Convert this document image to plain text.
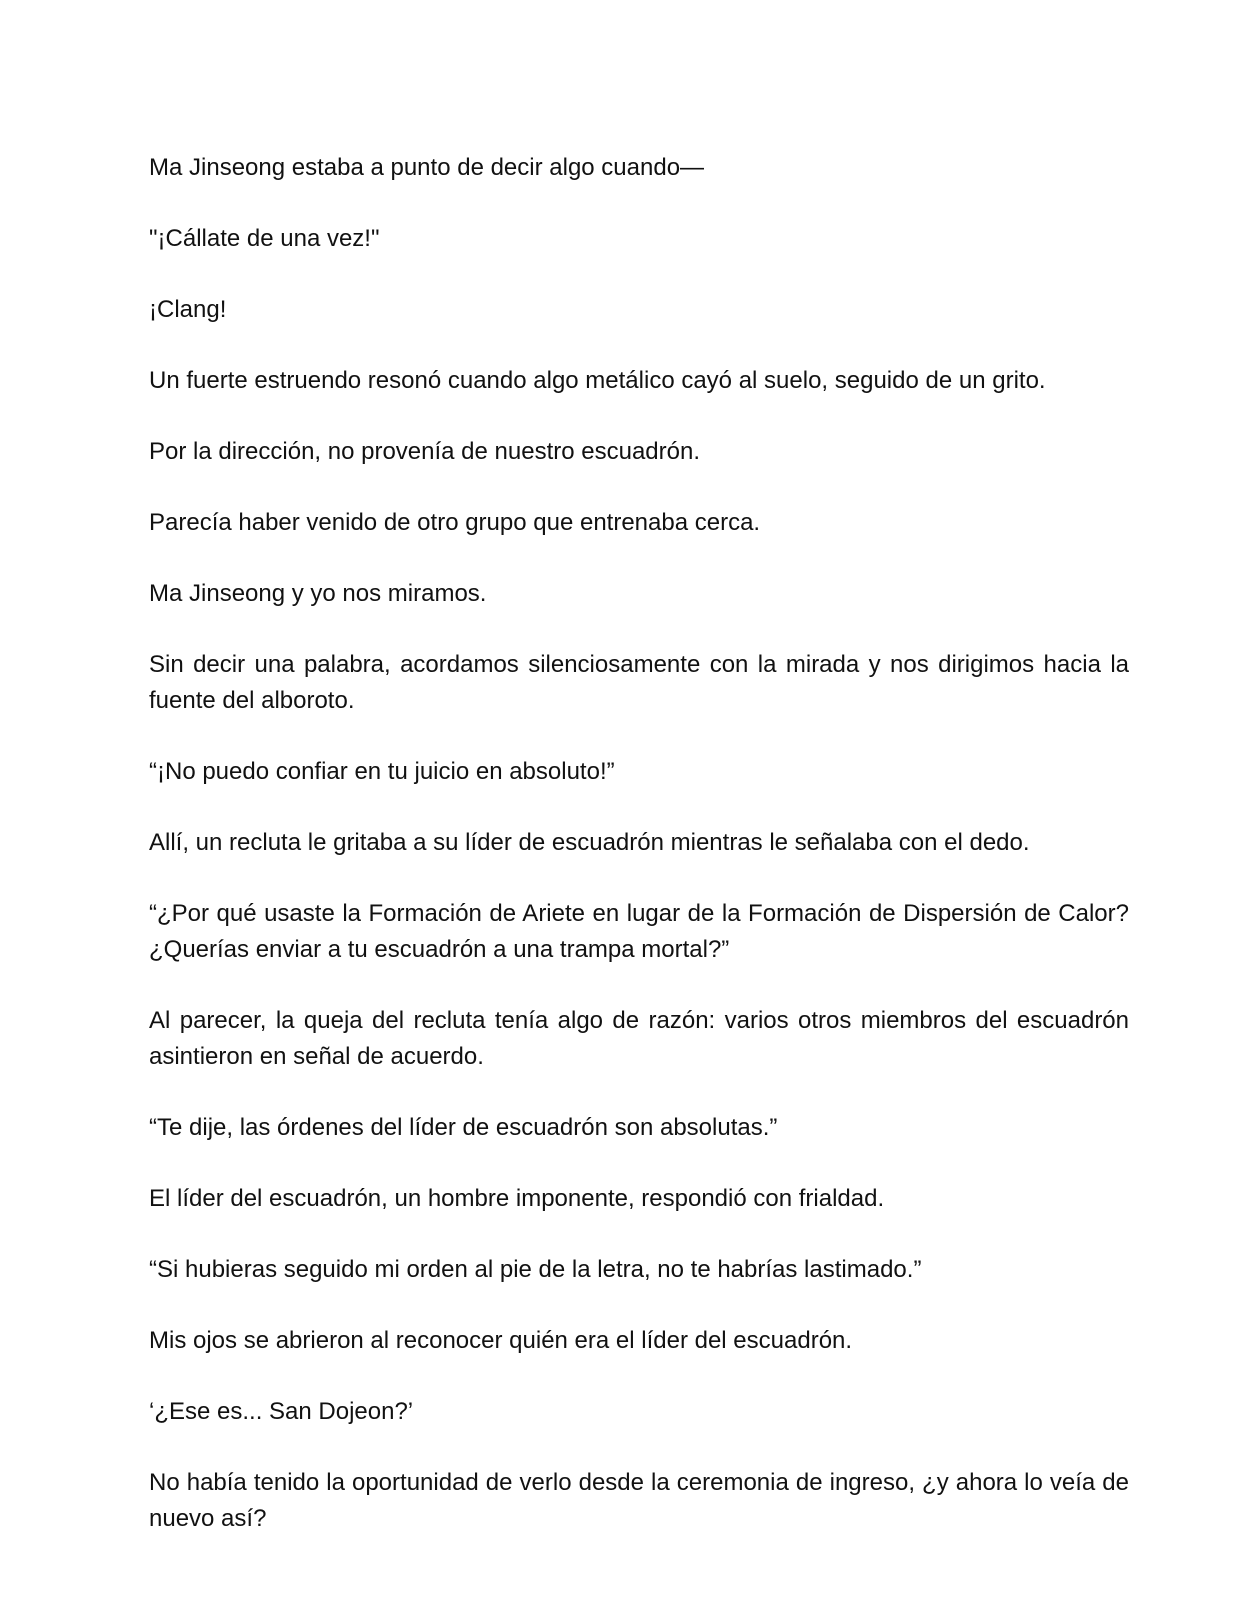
Ma Jinseong estaba a punto de decir algo cuando—

"¡Cállate de una vez!"

¡Clang!

Un fuerte estruendo resonó cuando algo metálico cayó al suelo, seguido de un grito.

Por la dirección, no provenía de nuestro escuadrón.

Parecía haber venido de otro grupo que entrenaba cerca.

Ma Jinseong y yo nos miramos.

Sin decir una palabra, acordamos silenciosamente con la mirada y nos dirigimos hacia la fuente del alboroto.

“¡No puedo confiar en tu juicio en absoluto!”

Allí, un recluta le gritaba a su líder de escuadrón mientras le señalaba con el dedo.

“¿Por qué usaste la Formación de Ariete en lugar de la Formación de Dispersión de Calor? ¿Querías enviar a tu escuadrón a una trampa mortal?”

Al parecer, la queja del recluta tenía algo de razón: varios otros miembros del escuadrón asintieron en señal de acuerdo.

“Te dije, las órdenes del líder de escuadrón son absolutas.”

El líder del escuadrón, un hombre imponente, respondió con frialdad.

“Si hubieras seguido mi orden al pie de la letra, no te habrías lastimado.”

Mis ojos se abrieron al reconocer quién era el líder del escuadrón.

‘¿Ese es... San Dojeon?’

No había tenido la oportunidad de verlo desde la ceremonia de ingreso, ¿y ahora lo veía de nuevo así?
